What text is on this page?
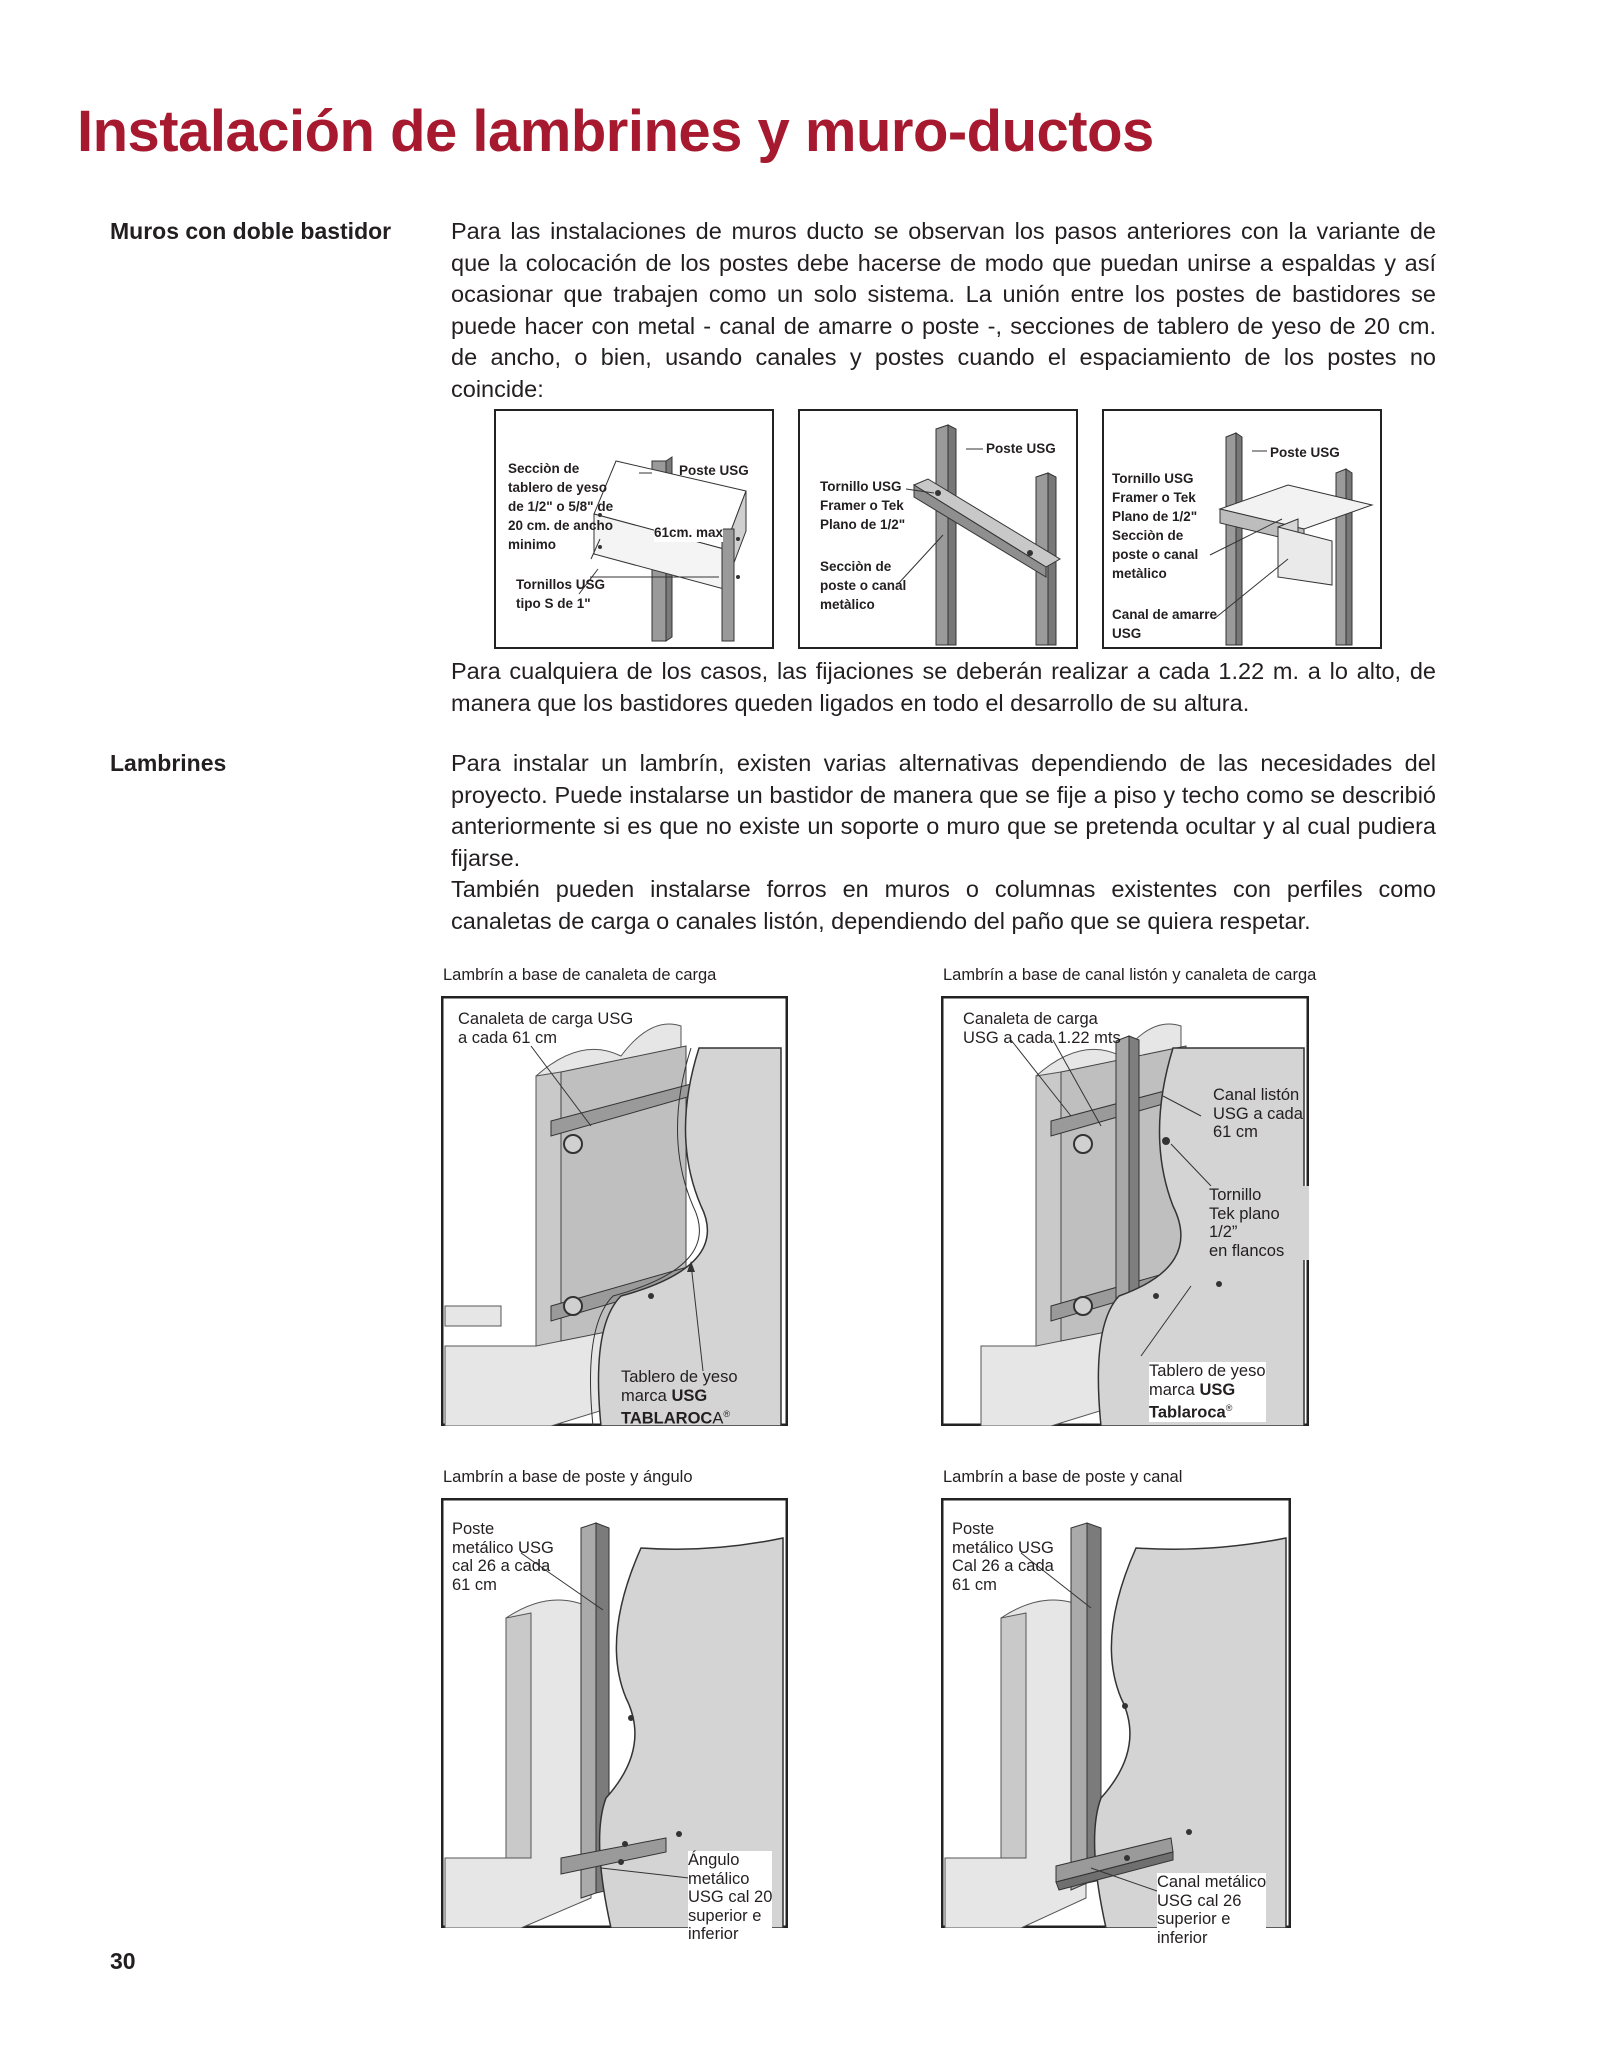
Instalación de lambrines y muro-ductos
Muros con doble bastidor	Para las instalaciones de muros ducto se observan los pasos anteriores con la variante de que la colocación de los postes debe hacerse de modo que puedan unirse a espaldas y así ocasionar que trabajen como un solo sistema. La unión entre los postes de bastidores se puede hacer con metal - canal de amarre o poste -, secciones de tablero de yeso de 20 cm. de ancho, o bien, usando canales y postes cuando el espaciamiento de los postes no coincide:

Secciòn de
tablero de yeso
de 1/2" o 5/8" de
20 cm. de ancho
minimo
Tornillos USG
tipo S de 1"
Poste USG
61cm. max
Tornillo USG
Framer o Tek
Plano de 1/2"
Secciòn de
poste o canal
metàlico
Poste USG
Tornillo USG
Framer o Tek
Plano de 1/2"
Secciòn de
poste o canal
metàlico
Canal de amarre
USG
Poste USG

Para cualquiera de los casos, las fijaciones se deberán realizar a cada 1.22 m. a lo alto, de manera que los bastidores queden ligados en todo el desarrollo de su altura.

Lambrines	Para instalar un lambrín, existen varias alternativas dependiendo de las necesidades del proyecto. Puede instalarse un bastidor de manera que se fije a piso y techo como se describió anteriormente si es que no existe un soporte o muro que se pretenda ocultar y al cual pudiera fijarse.

También pueden instalarse forros en muros o columnas existentes con perfiles como canaletas de carga o canales listón, dependiendo del paño que se quiera respetar.

Lambrín a base de canaleta de carga
Canaleta de carga USG
a cada 61 cm
Tablero de yeso
marca USG
TABLAROCA®
Lambrín a base de canal listón y canaleta de carga
Canaleta de carga
USG a cada 1.22 mts
Canal listón
USG a cada
61 cm
Tornillo
Tek plano 1/2”
en flancos
Tablero de yeso
marca USG
Tablaroca®
Lambrín a base de poste y ángulo
Poste
metálico USG
cal 26 a cada
61 cm
Ángulo
metálico
USG cal 20
superior e
inferior
Lambrín a base de poste y canal
Poste
metálico USG
Cal 26 a cada
61 cm
Canal metálico
USG cal 26
superior e
inferior
30
